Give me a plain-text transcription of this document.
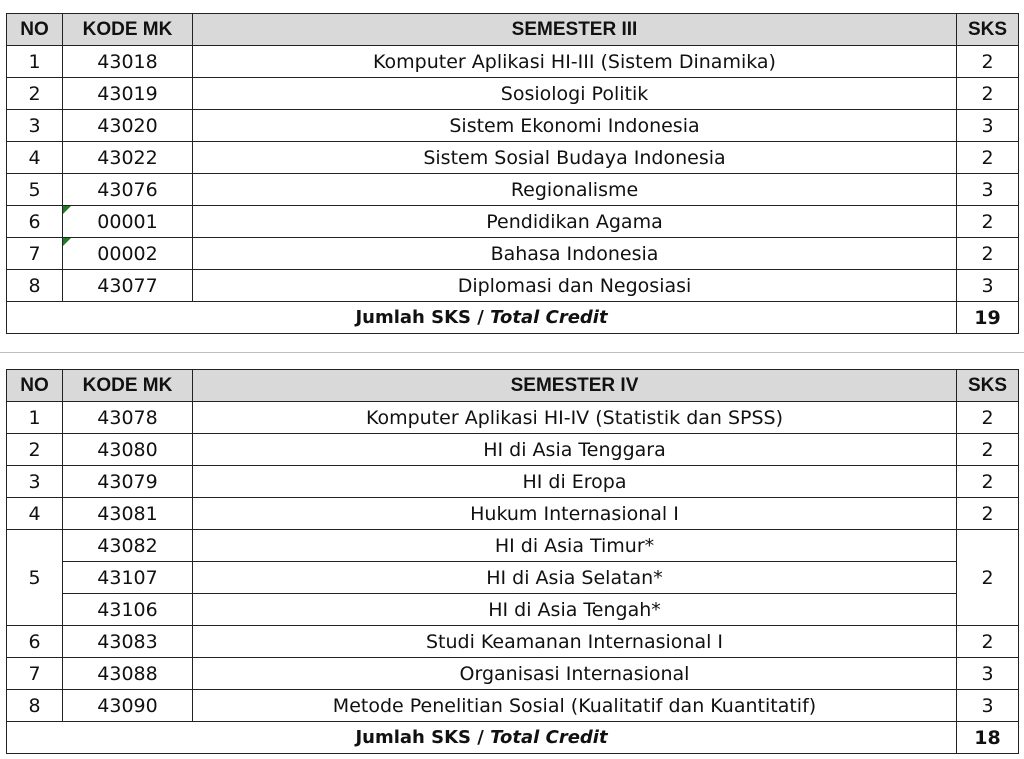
NO	KODE MK	SEMESTER III	SKS
1	43018	Komputer Aplikasi HI-III (Sistem Dinamika)	2
2	43019	Sosiologi Politik	2
3	43020	Sistem Ekonomi Indonesia	3
4	43022	Sistem Sosial Budaya Indonesia	2
5	43076	Regionalisme	3
6	00001	Pendidikan Agama	2
7	00002	Bahasa Indonesia	2
8	43077	Diplomasi dan Negosiasi	3
Jumlah SKS / Total Credit			19
NO	KODE MK	SEMESTER IV	SKS
1	43078	Komputer Aplikasi HI-IV (Statistik dan SPSS)	2
2	43080	HI di Asia Tenggara	2
3	43079	HI di Eropa	2
4	43081	Hukum Internasional I	2
5	43082	HI di Asia Timur*	2
	43107	HI di Asia Selatan*	
	43106	HI di Asia Tengah*	
6	43083	Studi Keamanan Internasional I	2
7	43088	Organisasi Internasional	3
8	43090	Metode Penelitian Sosial (Kualitatif dan Kuantitatif)	3
Jumlah SKS / Total Credit			18
